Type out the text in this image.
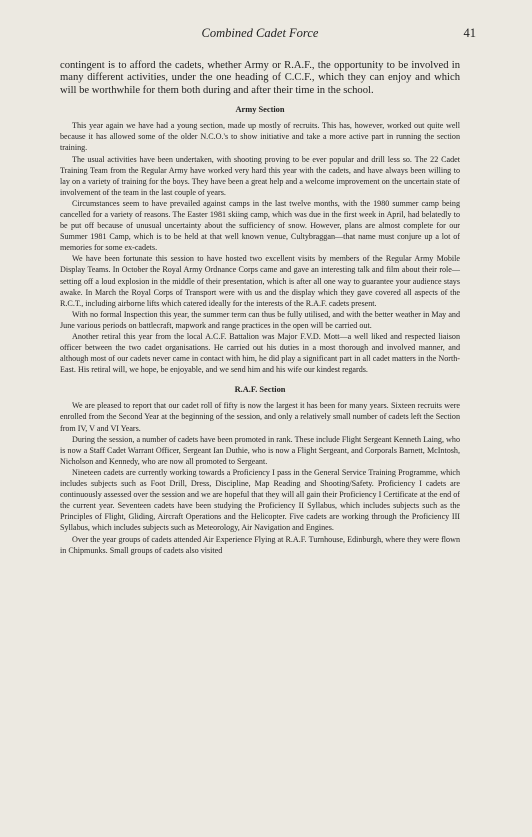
Combined Cadet Force	41

contingent is to afford the cadets, whether Army or R.A.F., the opportunity to be involved in many different activities, under the one heading of C.C.F., which they can enjoy and which will be worthwhile for them both during and after their time in the school.

Army Section

This year again we have had a young section, made up mostly of recruits. This has, however, worked out quite well because it has allowed some of the older N.C.O.'s to show initiative and take a more active part in running the section training.

The usual activities have been undertaken, with shooting proving to be ever popular and drill less so. The 22 Cadet Training Team from the Regular Army have worked very hard this year with the cadets, and have always been willing to lay on a variety of training for the boys. They have been a great help and a welcome improvement on the uncertain state of involvement of the team in the last couple of years.

Circumstances seem to have prevailed against camps in the last twelve months, with the 1980 summer camp being cancelled for a variety of reasons. The Easter 1981 skiing camp, which was due in the first week in April, had belatedly to be put off because of unusual uncertainty about the sufficiency of snow. However, plans are almost complete for our Summer 1981 Camp, which is to be held at that well known venue, Cultybraggan—that name must conjure up a lot of memories for some ex-cadets.

We have been fortunate this session to have hosted two excellent visits by members of the Regular Army Mobile Display Teams. In October the Royal Army Ordnance Corps came and gave an interesting talk and film about their role—setting off a loud explosion in the middle of their presentation, which is after all one way to guarantee your audience stays awake. In March the Royal Corps of Transport were with us and the display which they gave covered all aspects of the R.C.T., including airborne lifts which catered ideally for the interests of the R.A.F. cadets present.

With no formal Inspection this year, the summer term can thus be fully utilised, and with the better weather in May and June various periods on battlecraft, mapwork and range practices in the open will be carried out.

Another retiral this year from the local A.C.F. Battalion was Major F.V.D. Mott—a well liked and respected liaison officer between the two cadet organisations. He carried out his duties in a most thorough and involved manner, and although most of our cadets never came in contact with him, he did play a significant part in all cadet matters in the North-East. His retiral will, we hope, be enjoyable, and we send him and his wife our kindest regards.

R.A.F. Section

We are pleased to report that our cadet roll of fifty is now the largest it has been for many years. Sixteen recruits were enrolled from the Second Year at the beginning of the session, and only a relatively small number of cadets left the Section from IV, V and VI Years.

During the session, a number of cadets have been promoted in rank. These include Flight Sergeant Kenneth Laing, who is now a Staff Cadet Warrant Officer, Sergeant Ian Duthie, who is now a Flight Sergeant, and Corporals Barnett, McIntosh, Nicholson and Kennedy, who are now all promoted to Sergeant.

Nineteen cadets are currently working towards a Proficiency I pass in the General Service Training Programme, which includes subjects such as Foot Drill, Dress, Discipline, Map Reading and Shooting/Safety. Proficiency I cadets are continuously assessed over the session and we are hopeful that they will all gain their Proficiency I Certificate at the end of the current year. Seventeen cadets have been studying the Proficiency II Syllabus, which includes subjects such as the Principles of Flight, Gliding, Aircraft Operations and the Helicopter. Five cadets are working through the Proficiency III Syllabus, which includes subjects such as Meteorology, Air Navigation and Engines.

Over the year groups of cadets attended Air Experience Flying at R.A.F. Turnhouse, Edinburgh, where they were flown in Chipmunks. Small groups of cadets also visited
